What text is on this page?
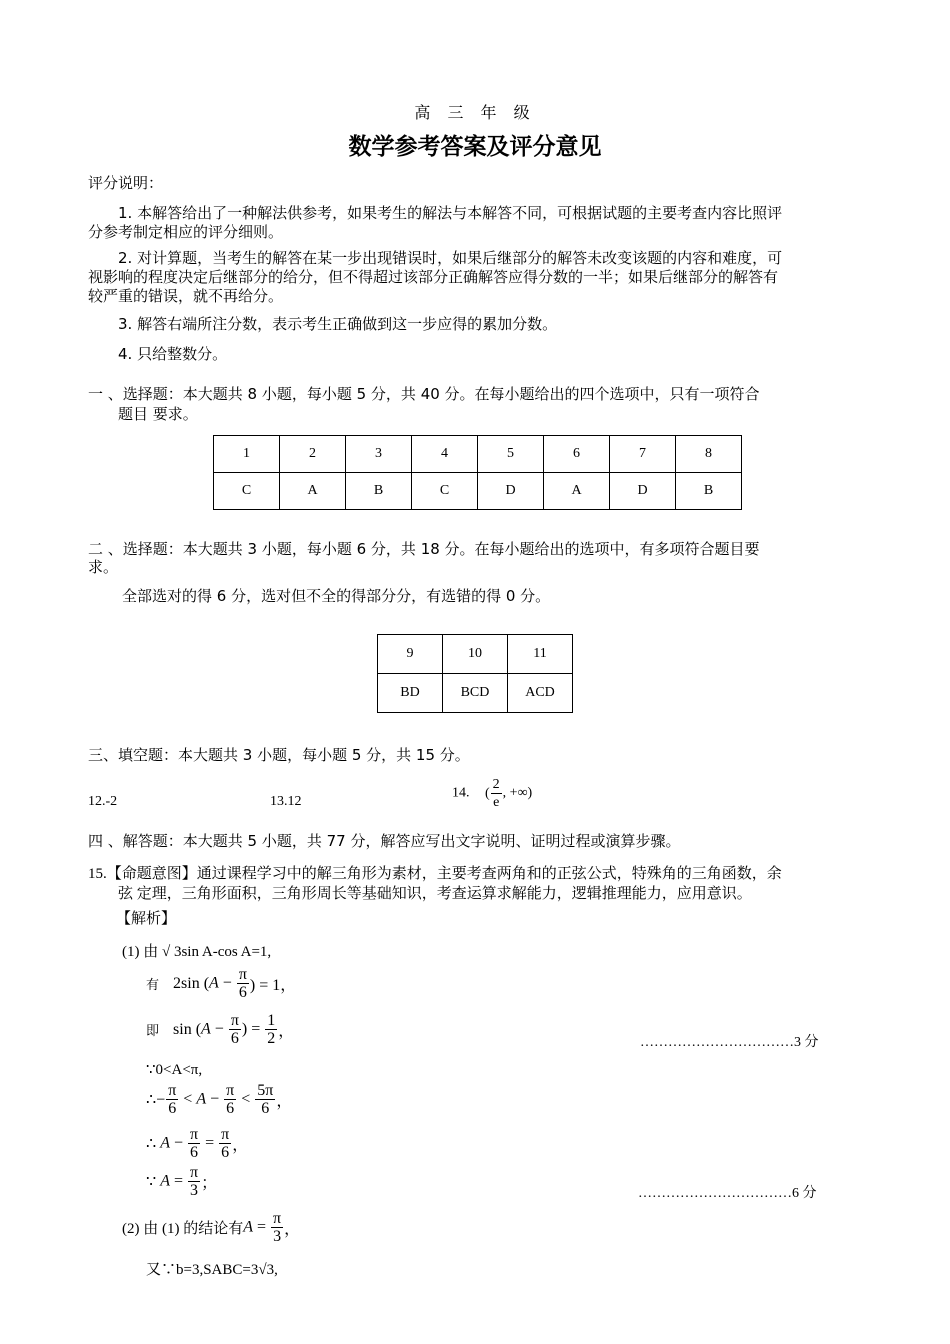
高 三 年 级
数学参考答案及评分意见
评分说明：
1. 本解答给出了一种解法供参考，如果考生的解法与本解答不同，可根据试题的主要考查内容比照评
分参考制定相应的评分细则。
2. 对计算题，当考生的解答在某一步出现错误时，如果后继部分的解答未改变该题的内容和难度，可
视影响的程度决定后继部分的给分，但不得超过该部分正确解答应得分数的一半；如果后继部分的解答有
较严重的错误，就不再给分。
3. 解答右端所注分数，表示考生正确做到这一步应得的累加分数。
4. 只给整数分。
一 、选择题：本大题共 8 小题，每小题 5 分，共 40 分。在每小题给出的四个选项中，只有一项符合
题目 要求。
1	2	3	4	5	6	7	8
C	A	B	C	D	A	D	B
二 、选择题：本大题共 3 小题，每小题 6 分，共 18 分。在每小题给出的选项中，有多项符合题目要
求。
全部选对的得 6 分，选对但不全的得部分分，有选错的得 0 分。
9	10	11
BD	BCD	ACD
三、填空题：本大题共 3 小题，每小题 5 分，共 15 分。
12.-2	13.12
14. ( $\frac{2}{e}$ , +∞)
四 、解答题：本大题共 5 小题，共 77 分，解答应写出文字说明、证明过程或演算步骤。
15.【命题意图】通过课程学习中的解三角形为素材，主要考查两角和的正弦公式，特殊角的三角函数，余
弦 定理，三角形面积，三角形周长等基础知识，考查运算求解能力，逻辑推理能力，应用意识。
【解析】
(1) 由 √ 3sin A-cos A=1,
有 2sin ($A - \frac{\pi}{6}$ ) = 1，
即 $\sin (A - \frac{\pi}{6}$ ) = $\frac{1}{2}$ ，
……………………………3 分
∵0<A<π,
∴− $\frac{\pi}{6} < A - \frac{\pi}{6} < \frac{5\pi}{6}$ ，
∴ $A - \frac{\pi}{6} = \frac{\pi}{6}$ ，
∵ $A = \frac{\pi}{3}$ ；
……………………………6 分
(2) 由 (1) 的结论有$A = \frac{\pi}{3}$ ，
又∵b=3,SABC=3√3,
